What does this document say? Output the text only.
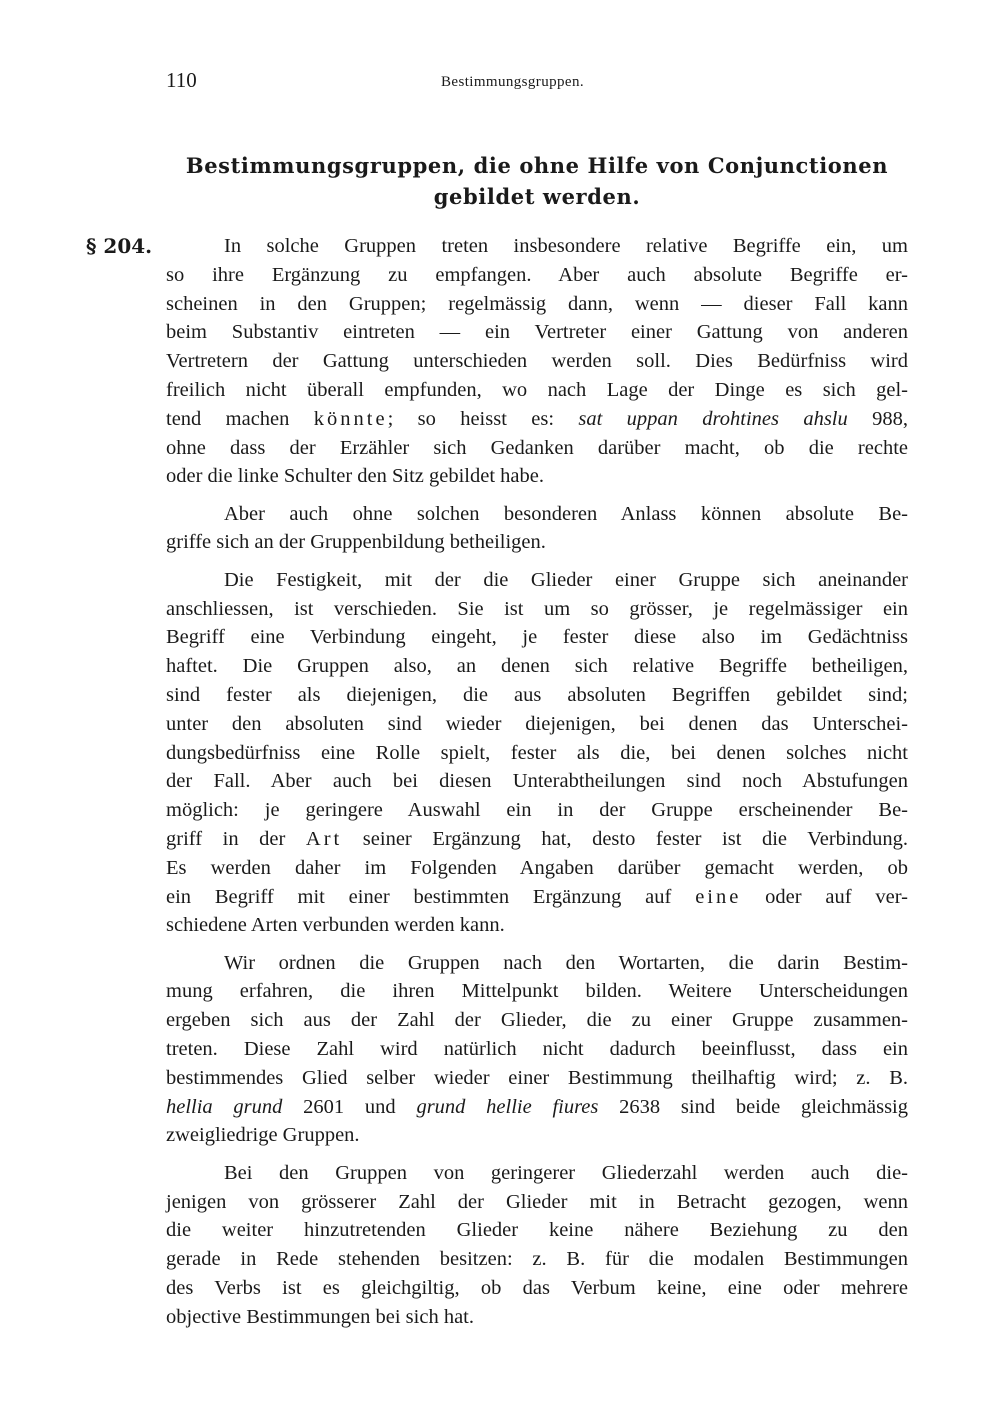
110	Bestimmungsgruppen.
Bestimmungsgruppen, die ohne Hilfe von Conjunctionen
gebildet werden.
§ 204.	In solche Gruppen treten insbesondere relative Begriffe ein, um
so ihre Ergänzung zu empfangen. Aber auch absolute Begriffe er-
scheinen in den Gruppen; regelmässig dann, wenn — dieser Fall kann
beim Substantiv eintreten — ein Vertreter einer Gattung von anderen
Vertretern der Gattung unterschieden werden soll. Dies Bedürfniss wird
freilich nicht überall empfunden, wo nach Lage der Dinge es sich gel-
tend machen könnte; so heisst es: sat uppan drohtines ahslu 988,
ohne dass der Erzähler sich Gedanken darüber macht, ob die rechte
oder die linke Schulter den Sitz gebildet habe.
Aber auch ohne solchen besonderen Anlass können absolute Be-
griffe sich an der Gruppenbildung betheiligen.
Die Festigkeit, mit der die Glieder einer Gruppe sich aneinander
anschliessen, ist verschieden. Sie ist um so grösser, je regelmässiger ein
Begriff eine Verbindung eingeht, je fester diese also im Gedächtniss
haftet. Die Gruppen also, an denen sich relative Begriffe betheiligen,
sind fester als diejenigen, die aus absoluten Begriffen gebildet sind;
unter den absoluten sind wieder diejenigen, bei denen das Unterschei-
dungsbedürfniss eine Rolle spielt, fester als die, bei denen solches nicht
der Fall. Aber auch bei diesen Unterabtheilungen sind noch Abstufungen
möglich: je geringere Auswahl ein in der Gruppe erscheinender Be-
griff in der Art seiner Ergänzung hat, desto fester ist die Verbindung.
Es werden daher im Folgenden Angaben darüber gemacht werden, ob
ein Begriff mit einer bestimmten Ergänzung auf eine oder auf ver-
schiedene Arten verbunden werden kann.
Wir ordnen die Gruppen nach den Wortarten, die darin Bestim-
mung erfahren, die ihren Mittelpunkt bilden. Weitere Unterscheidungen
ergeben sich aus der Zahl der Glieder, die zu einer Gruppe zusammen-
treten. Diese Zahl wird natürlich nicht dadurch beeinflusst, dass ein
bestimmendes Glied selber wieder einer Bestimmung theilhaftig wird; z. B.
hellia grund 2601 und grund hellie fiures 2638 sind beide gleichmässig
zweigliedrige Gruppen.
Bei den Gruppen von geringerer Gliederzahl werden auch die-
jenigen von grösserer Zahl der Glieder mit in Betracht gezogen, wenn
die weiter hinzutretenden Glieder keine nähere Beziehung zu den
gerade in Rede stehenden besitzen: z. B. für die modalen Bestimmungen
des Verbs ist es gleichgiltig, ob das Verbum keine, eine oder mehrere
objective Bestimmungen bei sich hat.
